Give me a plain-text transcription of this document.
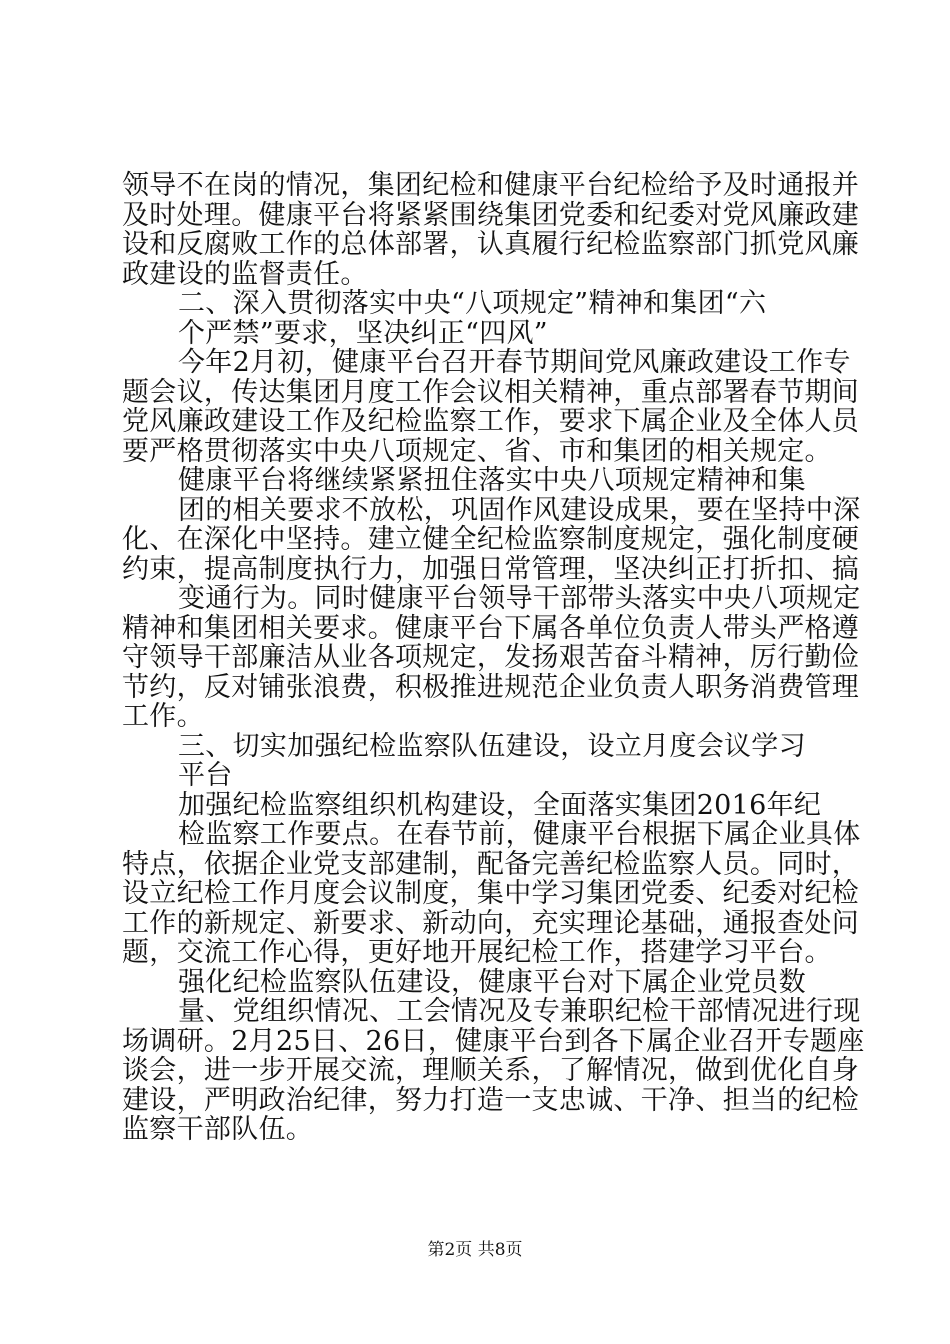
领导不在岗的情况，集团纪检和健康平台纪检给予及时通报并
及时处理。健康平台将紧紧围绕集团党委和纪委对党风廉政建
设和反腐败工作的总体部署，认真履行纪检监察部门抓党风廉
政建设的监督责任。
二、深入贯彻落实中央“八项规定”精神和集团“六
个严禁”要求，坚决纠正“四风”
今年2月初，健康平台召开春节期间党风廉政建设工作专
题会议，传达集团月度工作会议相关精神，重点部署春节期间
党风廉政建设工作及纪检监察工作，要求下属企业及全体人员
要严格贯彻落实中央八项规定、省、市和集团的相关规定。
健康平台将继续紧紧扭住落实中央八项规定精神和集
团的相关要求不放松，巩固作风建设成果，要在坚持中深
化、在深化中坚持。建立健全纪检监察制度规定，强化制度硬
约束，提高制度执行力，加强日常管理，坚决纠正打折扣、搞
变通行为。同时健康平台领导干部带头落实中央八项规定
精神和集团相关要求。健康平台下属各单位负责人带头严格遵
守领导干部廉洁从业各项规定，发扬艰苦奋斗精神，厉行勤俭
节约，反对铺张浪费，积极推进规范企业负责人职务消费管理
工作。
三、切实加强纪检监察队伍建设，设立月度会议学习
平台
加强纪检监察组织机构建设，全面落实集团2016年纪
检监察工作要点。在春节前，健康平台根据下属企业具体
特点，依据企业党支部建制，配备完善纪检监察人员。同时，
设立纪检工作月度会议制度，集中学习集团党委、纪委对纪检
工作的新规定、新要求、新动向，充实理论基础，通报查处问
题，交流工作心得，更好地开展纪检工作，搭建学习平台。
强化纪检监察队伍建设，健康平台对下属企业党员数
量、党组织情况、工会情况及专兼职纪检干部情况进行现
场调研。2月25日、26日，健康平台到各下属企业召开专题座
谈会，进一步开展交流，理顺关系，了解情况，做到优化自身
建设，严明政治纪律，努力打造一支忠诚、干净、担当的纪检
监察干部队伍。
第2页 共8页
